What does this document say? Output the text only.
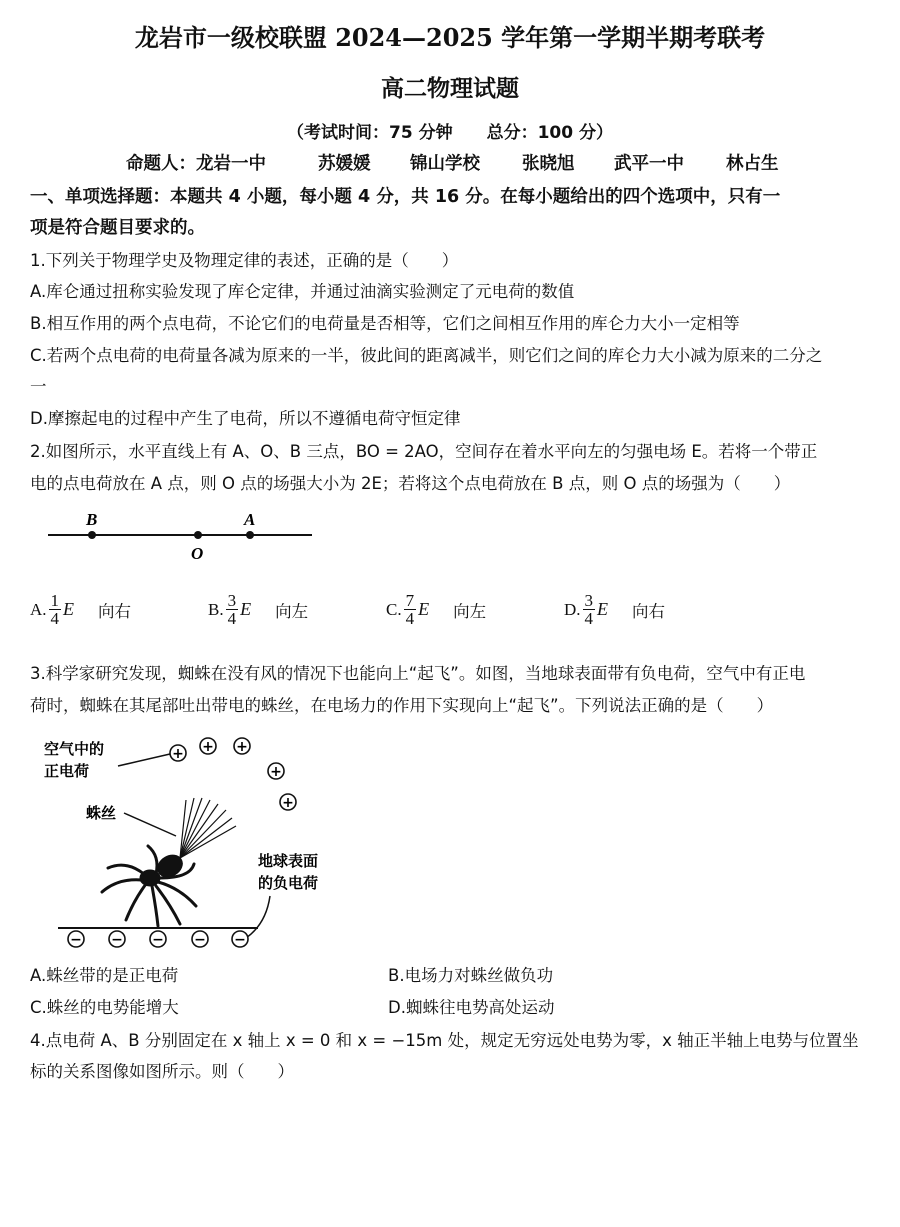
龙岩市一级校联盟 2024—2025 学年第一学期半期考联考
高二物理试题
（考试时间：75 分钟　　总分：100 分）
命题人：龙岩一中	苏媛媛	锦山学校	张晓旭	武平一中	林占生
一、单项选择题：本题共 4 小题，每小题 4 分，共 16 分。在每小题给出的四个选项中，只有一
项是符合题目要求的。
1.下列关于物理学史及物理定律的表述，正确的是（　　）
A.库仑通过扭称实验发现了库仑定律，并通过油滴实验测定了元电荷的数值
B.相互作用的两个点电荷，不论它们的电荷量是否相等，它们之间相互作用的库仑力大小一定相等
C.若两个点电荷的电荷量各减为原来的一半，彼此间的距离减半，则它们之间的库仑力大小减为原来的二分之
一
D.摩擦起电的过程中产生了电荷，所以不遵循电荷守恒定律
2.如图所示，水平直线上有 A、O、B 三点，BO = 2AO，空间存在着水平向左的匀强电场 E。若将一个带正
电的点电荷放在 A 点，则 O 点的场强大小为 2E；若将这个点电荷放在 B 点，则 O 点的场强为（　　）
B
O
A
A. $\frac{1}{4}$ E 向右	B. $\frac{3}{4}$ E 向左	C. $\frac{7}{4}$ E 向左	D. $\frac{3}{4}$ E 向右
3.科学家研究发现，蜘蛛在没有风的情况下也能向上“起飞”。如图，当地球表面带有负电荷，空气中有正电
荷时，蜘蛛在其尾部吐出带电的蛛丝，在电场力的作用下实现向上“起飞”。下列说法正确的是（　　）
空气中的
正电荷
+ + +
+
+
蛛丝
地球表面
的负电荷
− − − − −
A.蛛丝带的是正电荷	B.电场力对蛛丝做负功
C.蛛丝的电势能增大	D.蜘蛛往电势高处运动
4.点电荷 A、B 分别固定在 x 轴上 x = 0 和 x = −15m 处，规定无穷远处电势为零，x 轴正半轴上电势与位置坐
标的关系图像如图所示。则（　　）
